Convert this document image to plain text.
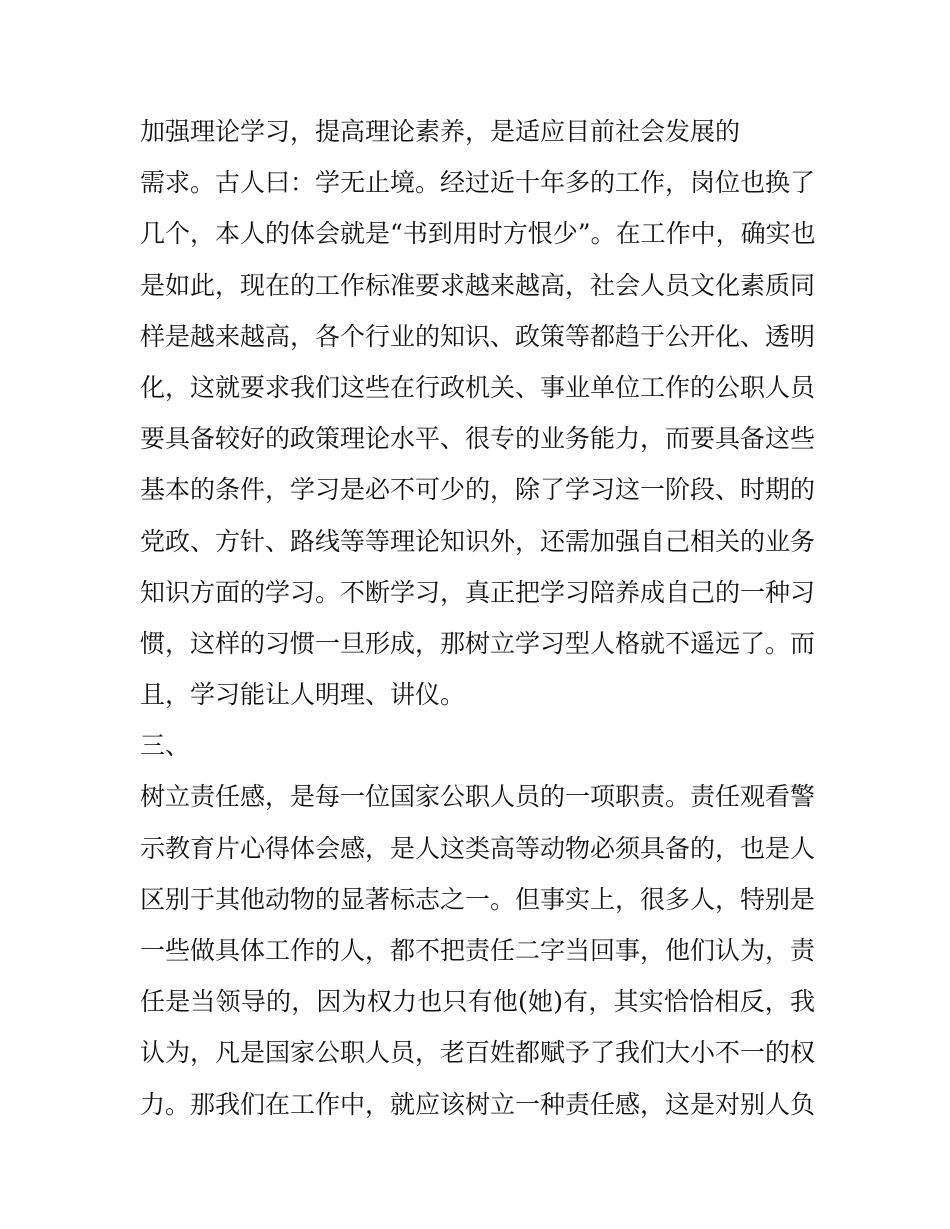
加强理论学习，提高理论素养，是适应目前社会发展的
需求。古人曰：学无止境。经过近十年多的工作，岗位也换了
几个，本人的体会就是“书到用时方恨少”。在工作中，确实也
是如此，现在的工作标准要求越来越高，社会人员文化素质同
样是越来越高，各个行业的知识、政策等都趋于公开化、透明
化，这就要求我们这些在行政机关、事业单位工作的公职人员
要具备较好的政策理论水平、很专的业务能力，而要具备这些
基本的条件，学习是必不可少的，除了学习这一阶段、时期的
党政、方针、路线等等理论知识外，还需加强自己相关的业务
知识方面的学习。不断学习，真正把学习陪养成自己的一种习
惯，这样的习惯一旦形成，那树立学习型人格就不遥远了。而
且，学习能让人明理、讲仪。
三、
树立责任感，是每一位国家公职人员的一项职责。责任观看警
示教育片心得体会感，是人这类高等动物必须具备的，也是人
区别于其他动物的显著标志之一。但事实上，很多人，特别是
一些做具体工作的人，都不把责任二字当回事，他们认为，责
任是当领导的，因为权力也只有他(她)有，其实恰恰相反，我
认为，凡是国家公职人员，老百姓都赋予了我们大小不一的权
力。那我们在工作中，就应该树立一种责任感，这是对别人负
